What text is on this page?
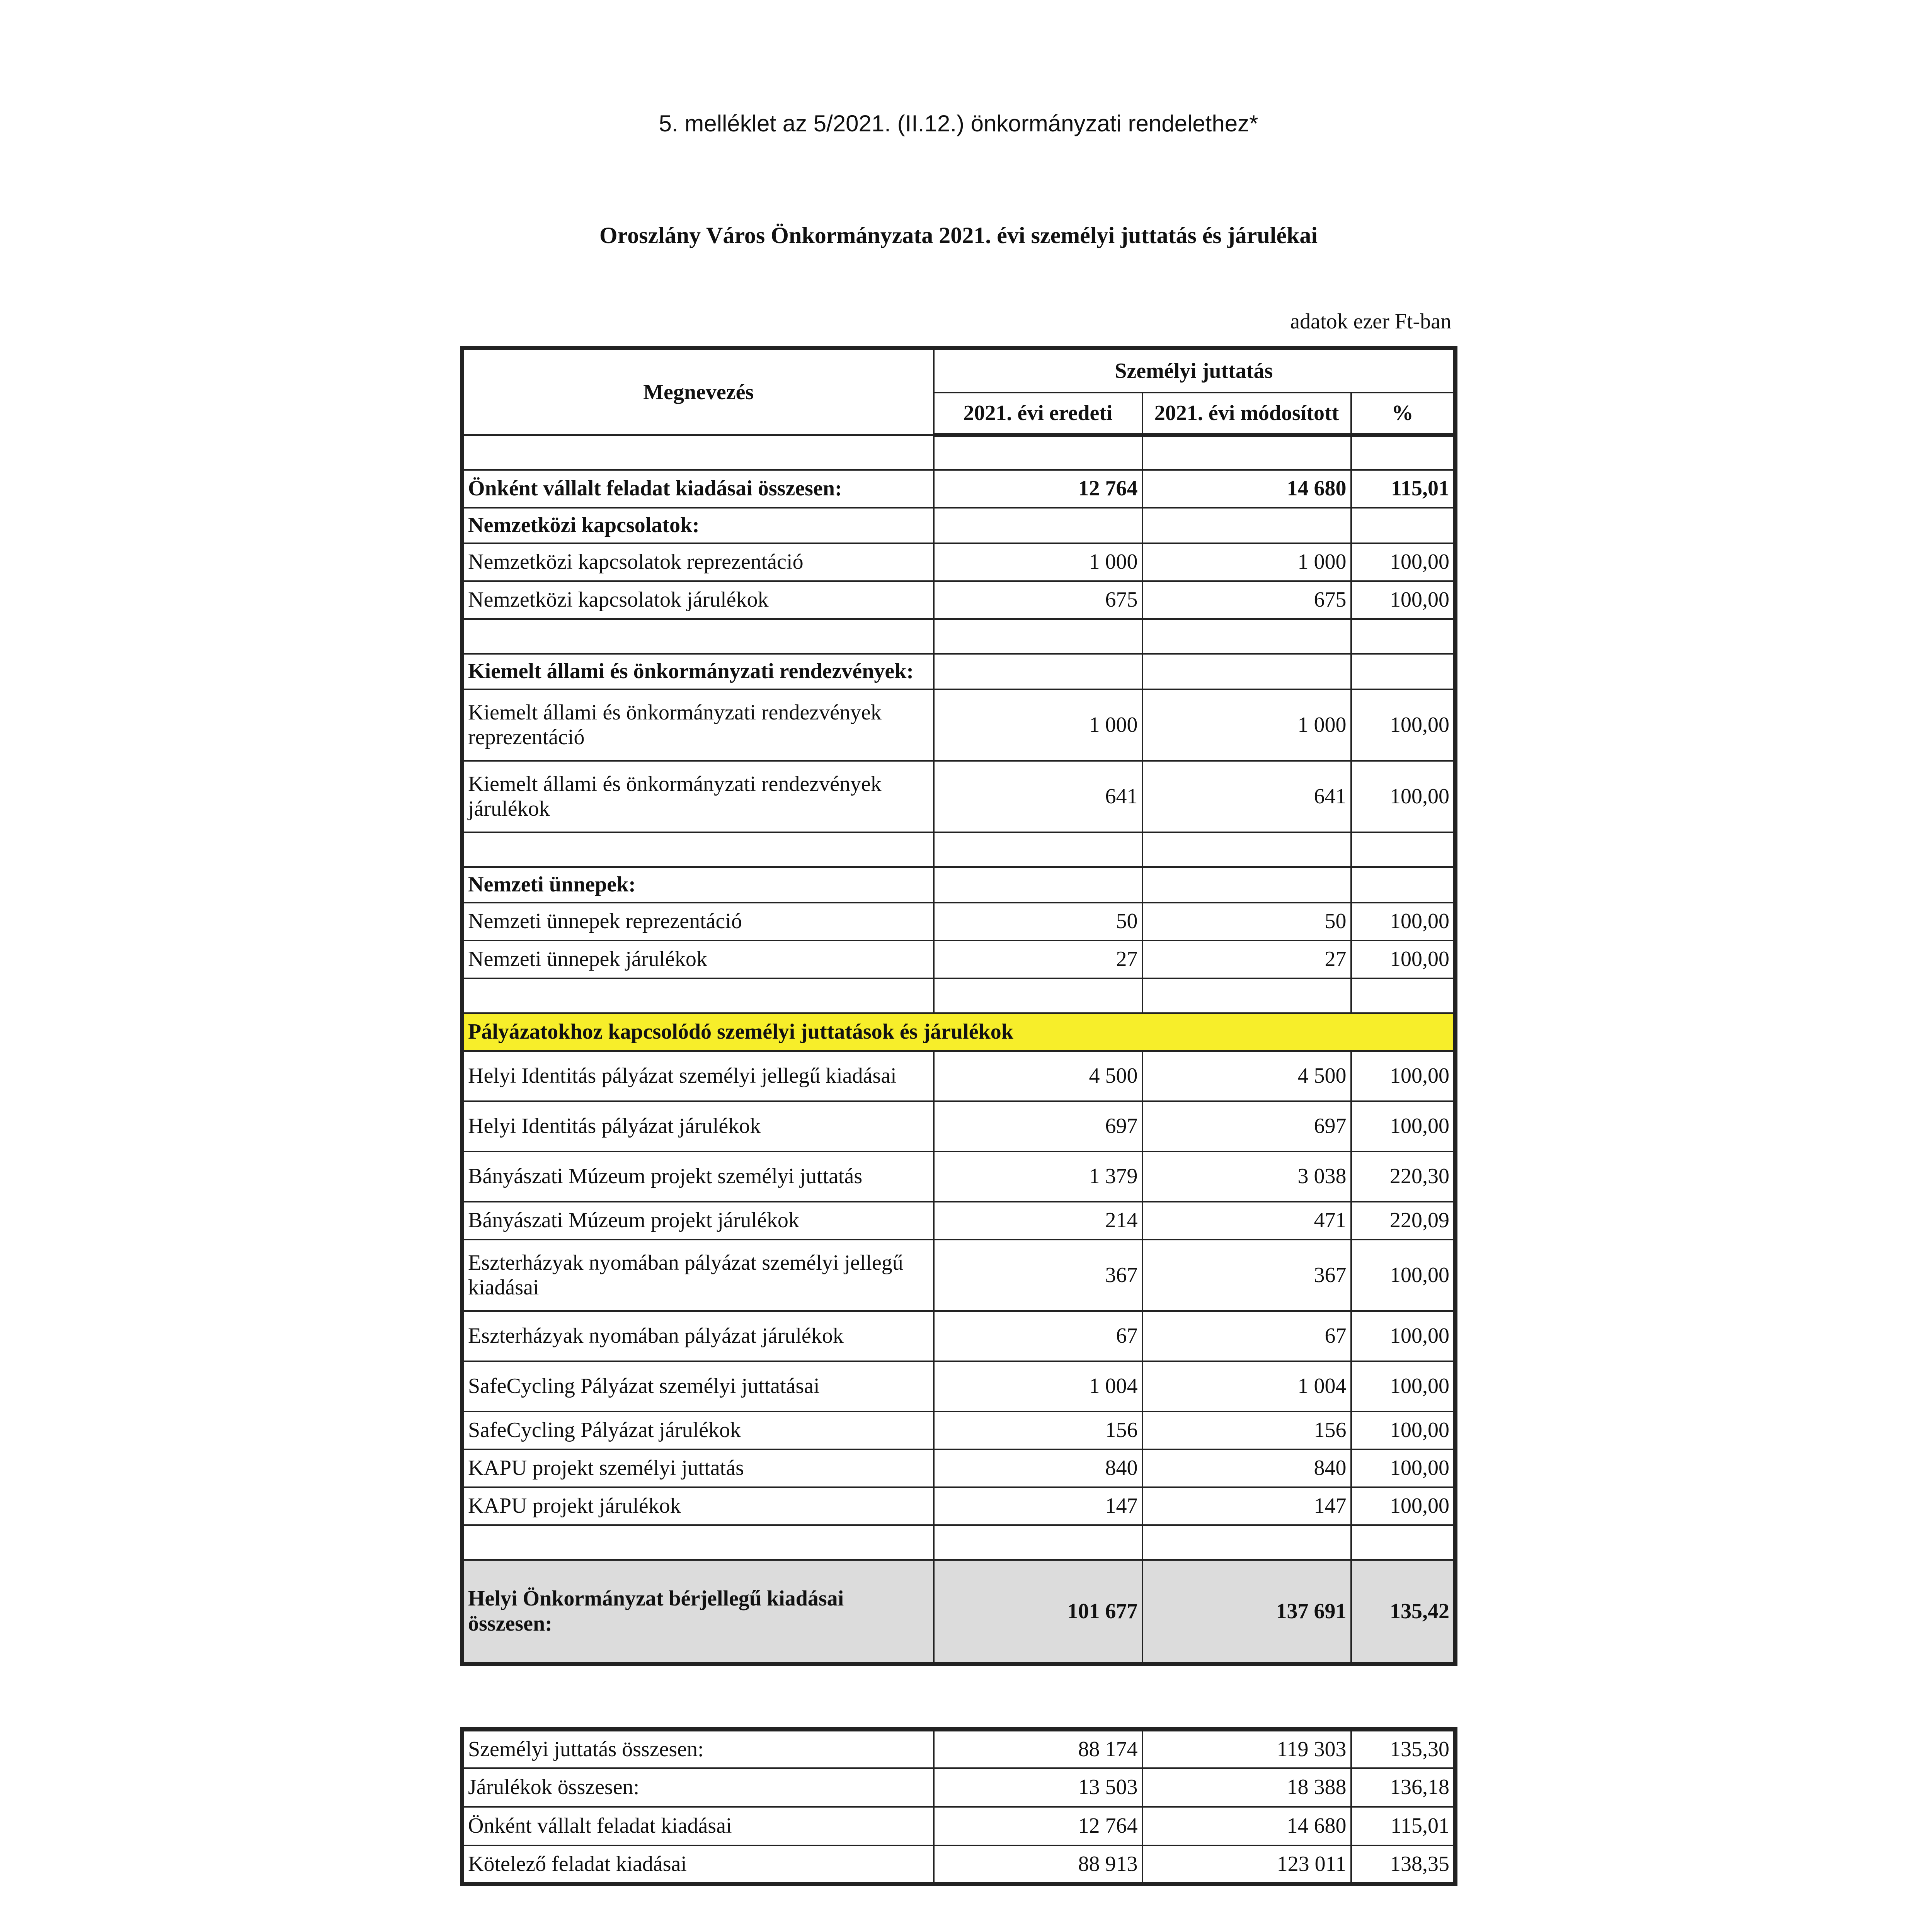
5. melléklet az 5/2021. (II.12.) önkormányzati rendelethez*
Oroszlány Város Önkormányzata 2021. évi személyi juttatás és járulékai
adatok ezer Ft-ban
Megnevezés	Személyi juttatás		
	2021. évi eredeti	2021. évi módosított	%

Önként vállalt feladat kiadásai összesen:	12 764	14 680	115,01
Nemzetközi kapcsolatok:			
Nemzetközi kapcsolatok reprezentáció	1 000	1 000	100,00
Nemzetközi kapcsolatok járulékok	675	675	100,00

Kiemelt állami és önkormányzati rendezvények:			
Kiemelt állami és önkormányzati rendezvények reprezentáció	1 000	1 000	100,00
Kiemelt állami és önkormányzati rendezvények járulékok	641	641	100,00

Nemzeti ünnepek:			
Nemzeti ünnepek reprezentáció	50	50	100,00
Nemzeti ünnepek járulékok	27	27	100,00

Pályázatokhoz kapcsolódó személyi juttatások és járulékok			
Helyi Identitás pályázat személyi jellegű kiadásai	4 500	4 500	100,00
Helyi Identitás pályázat járulékok	697	697	100,00
Bányászati Múzeum projekt személyi juttatás	1 379	3 038	220,30
Bányászati Múzeum projekt járulékok	214	471	220,09
Eszterházyak nyomában pályázat személyi jellegű kiadásai	367	367	100,00
Eszterházyak nyomában pályázat járulékok	67	67	100,00
SafeCycling Pályázat személyi juttatásai	1 004	1 004	100,00
SafeCycling Pályázat járulékok	156	156	100,00
KAPU projekt személyi juttatás	840	840	100,00
KAPU projekt járulékok	147	147	100,00

Helyi Önkormányzat bérjellegű kiadásai összesen:	101 677	137 691	135,42
Személyi juttatás összesen:	88 174	119 303	135,30
Járulékok összesen:	13 503	18 388	136,18
Önként vállalt feladat kiadásai	12 764	14 680	115,01
Kötelező feladat kiadásai	88 913	123 011	138,35
